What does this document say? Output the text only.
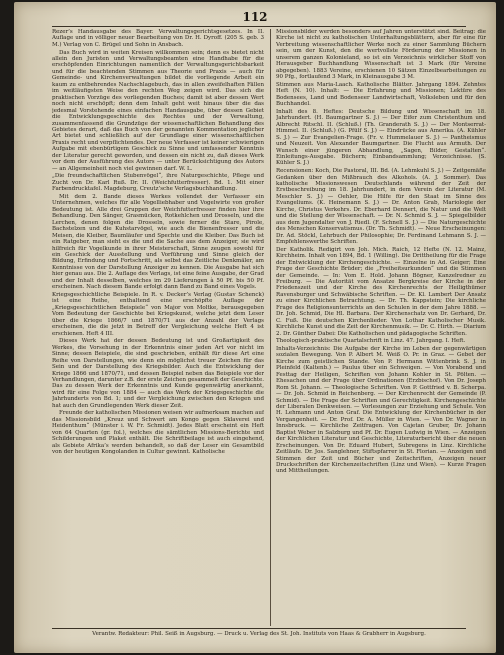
112

Rezer’s Handausgabe des Bayer. Verwaltungsgerichtsgesetzes. In II. Auflage und in völliger neuer Bearbeitung von Dr. H. Dyroff. (205 S. geb. 3 M.) Verlag von C. Brügel und Sohn in Ansbach.

Das Buch wird in weiten Kreisen willkommen sein; denn es bietet nicht allein den Juristen und Verwaltungsbeamten eine Handhabe für die erschöpfenden Einrichtungen namentlich der Verwaltungsgerichtsbarkeit und für die beachtenden Stimmen aus Theorie und Praxis — auch für Gemeinde- und Kirchenverwaltungen bildet die vorliegende Arbeit ein kaum zu entbehrendes Nachschlagebuch, das in allen zweifelhaften Fällen im weitläufigsten Weise den rechten Weg zeigen wird. Das sich die praktischen Vorzüge des vorliegenden Buches; damit ist aber dessen Wert noch nicht erschöpft; denn dem Inhalt geht weit hinaus über die das jedesmal Vorstehende eines einfachen Handausgabe, über dessen Gebiet die Entwicklungsgeschichte des Rechtes und der Verwaltung, zusammenfassend die Grundzüge der wissenschaftlichen Behandlung des Gebietes derart, daß das Buch von der genannten Kommentation jeglicher Art bietet und schließlich auf der Grundlage einer wissenschaftlichen Praxis recht und verpflichtendes. Der neue Verfasser ist keiner schwierigen Aufgabe mit ebenbürtigem Geschick zu Sinne und umfassender Kenntnis der Literatur gerecht geworden, und dessen ein nicht zu, daß dieses Werk vor dem der Ausführung des Autors — unter Berücksichtigung des Autors — an Allgemeinheit noch viel gewinnen darf. W. L.

„Die freundschaftlichen Stubenvögel“, ihre Naturgeschichte, Pflege und Zucht von Dr. Karl Ruß. Dr. II. (Weichfutterfresser). Bd. 1. Mit einer Farbendrucktafel. Magdeburg, Creutz’sche Verlagsbuchhandlung.

Mit dem 2. Bande dieses Werkes vollendet der Verfasser ein Unternehmen, welches für alle Vogelliebhaber und Vogelwirte von großer Bedeutung ist. Alle drei Gruppen der Weichfutterfresser finden hier ihre Behandlung. Den Sänger, Grasmücken, Rotkehlchen und Drosseln, und die Lerchen, denen folgen die Drosseln, sowie ferner die Stare, Pirole, Bachstelzen und die Kuhstarvögel, wie auch die Bienenfresser und die Meisen, die Kleiber, Baumläufer und Spechte und die Kleiber. Das Buch ist ein Ratgeber, man sieht es die und die Sache aus dem Anzeiger, sie wird hilfreich für Vogelkunde in ihrer Meisterschaft, Sinne zeugen sowohl für ein Geschick der Ausstellung und Vorführung und Sinne gleich der Bildung, Erfindung und Fortschritt, als selbst das Zeitliche Denkmäler, am Kenntnisse von der Darstellung Anzeiger zu kennen. Die Ausgabe hat sich hier genau aus. Die 2. Auflage des Verlags, ist eine feine Ausgabe, der Grad und der Inhalt desselben, welches im 29 Lieferungen à 50 Pf. bis 50 Pf. erscheinen. Nach diesem Bande erfolgt dann Band zu Band eines Vogels.

Kriegsgeschichtliche Beispiele. In R. v. Decker’s Verlag (Gustav Schenck) ist eine Reihe, enthaltend eine erschöpfte Auflage der „Kriegsgeschichtlichen Beispiele“ von Major von Moltke, berausgegeben Vom Bedeutung der Geschichte bei Kriegskunst, welche jetzt dem Leser über die Kriege 1866/7 und 1870/71 aus der Anzahl der Verlags erscheinen, die die jetzt in Betreff der Vergleichung welche Heft 4 ist erschienen. Heft 4 III.

Dieses Werk hat der dessen Bedeutung ist und Großartigkeit des Werkes, die Vorsehung in der Erkenntnis einer jeden Art vor nicht im Sinne; dessen Beispiele, die sind geschrieben, enthält für diese Art eine Reihe von Darstellungen, wie denn ein möglichst treuer Zeichen für das Sein und der Darstellung des Kriegsbilder. Auch die Entwicklung der Kriege 1866 und 1870/71, und dessen Beispiel neben das Beispiele vor der Verhandlungen, darunter z.B. der erste Zeichen gesammelt der Geschichte. Das zu dessen Werk der Erkenntnis und Kunde gegenwärtig anerkannt, wird für eine Folge von 1884 — auch das Werk der Kriegsgeschichte die Jahrhunderts von Bd. 1; und der Vergleichung zwischen den Kriegen und hat auch den Grundlegenden Werk dieser Zeit.

Freunde der katholischen Missionen weisen wir aufmerksam machen auf das Missionsbild „Kreuz und Schwert am Kongo gegen Sklaverei und Heidenthum“ (Münster i. W. Fr. Schmidt). Jedes Blatt erscheint ein Heft von 64 Quarten (gr. fol.), welches die sämtlichen Missions-Berichte und Schilderungen und Plaket enthält. Die Schriftbeilage ist auch eingehend, als Gebiete Afrika’s werden behandelt, so daß der Leser ein Gesamtbild von der heutigen Kongolanden in Cultur gewinnt. Katholische

Missionsbilder werden besonders auf Jahren unterstützt sind. Beitrag: die Kirche ist nicht zu katholischen Unterhaltungsblättern, aber für eine für Verbreitung wissenschaftlicher Werke noch zu einer Sammlung Büchern sein, um der Kunst, den die wertvollste Förderung der Missionen in unserem ganzen Kolonieland, so ist ein Verzeichnis wirklicher Stoff von Herausgeber Buchhandlung Wissenschaft ist 3 Mark (für Vereine abgegeben). 1883 Vereine, erschienen 10 Sätzen Einzelbearbeitungen zu 90 Pfg., fortlaufend 3 Mark, in Kleinausgabe 3 M.

Stimmen aus Maria-Laach. Katholische Blätter. Jahrgang 1894. Zehntes Heft (N. 10). Inhalt: — Die Erfahrung und Missionen; Lektüre des Bodensees, Land und Bodenseer Landwirtschaft, Volksleben und für den Buchhandel.

Inhalt des 8. Heftes: Deutsche Bildung und Wissenschaft im 18. Jahrhundert. (H. Baumgartner S. J.) — Der Eifer zum Christenthum und Albrecht Ritschl. II. (Schluß.) (Th. Granderath S. J.) — Der Montserrat-Himmel. II. (Schluß.) (G. Pfülf S. J.) — Eindrücke aus Amerika. (A. Kühler S. J.) — Zur Evangelien-Frage. (Fr. v. Hummelauer S. J.) — Pantheismus und Neuzeit. Von Alexander Baumgartner. Die Flucht aus Armuth. Der Wunsch einer jüngeren Abhandlung, „Sagen, Bilder, Gestalten“. Einleitungs-Ausgabe. Büchern; Einbandsammlung; Verzeichnisse. (S. Kühler S. J.)

Recensionen: Koch, Die Pastoral, III. Bd. (A. Lehmkuhl S. J.) — Zeitgemäße Gedanken über den Mißbrauch des Alkohols. (A. J. Sommer). Das katholische Missionswesen Deutschlands während der Zeit der Erstbeschreibung im 18. Jahrhundert, in dem Verein der Literatur (M. Meschler S. J.) — Oehler, Die Hilfe für den Staat im Sinne des Evangeliums. (K. Heinemann S. J.) — Dr. Anton Grab, Mariologie der Kirche, Christus Verkehrs. Dr. Eberhard Dennert, die Natur und die Welt und die Stellung der Wissenschaft. — Dr. N. Schmid S. J. — Spiegelbilder aus dem Jugendalter von J. Riedl. (F. Schnell S. J.) — Die Naturgeschichte des Menschen Konservatismus. (Dr. Th. Schmidt). — Neue Erscheinungen: Dr. Ad. Stöckl, Lehrbuch der Philosophie; Dr. Ferdinand Lehmann S. J. — Empfehlenswerthe Schriften.

Der Katholik. Redigirt von Joh. Mich. Raich, 12 Hefte (N. 12. Mainz, Kirchheim. Inhalt von 1894, Bd. 1 (Willing). Die Drittheilung für die Frage der Entwicklung der Kirchengeschichte. — Einzelne in Ad. Geiger; Eine Frage der Geschichte Brüder; die „Freiheitsurkunden“ und die Stimmen der Gemeinde. — In: Vom E. Hold. Johann Bögner, Kanzelredner zu Freiburg. — Die Autorität vom Ansatze Bergkreise der Kirche in der Friedenszeit und der Kirche des Kirchenrechts der Heiligthümer Ravensburger und Schwäbische Schriften. — Dr. Kl. Lambert Der Ansatz zu einer Kirchlichen Betrachtung. — Dr. Th. Kappstein; Die kirchliche Frage des Religionsunterrichts an den Schulen in der dem Jahre 1888. — Dr. Joh. Schmid, Die Hl. Barbara. Der Kirchenschatz von Dr. Gerhard, Dr. C. Fuß. Die deutschen Kirchenlieder. Von Lothar Katholischer Musik. Kirchliche Kunst und die Zeit der Kirchenmusik. — Dr. C. Hirth. — Diarium 2. Dr. Günther Dabei: Die Katholischen und pädagogische Schriften.

Theologisch-praktische Quartalschrift in Linz. 47. Jahrgang. I. Heft.

Inhalts-Verzeichnis: Die Aufgabe der Kirche im Leben der gegenwärtigen sozialen Bewegung. Von P. Albert M. Weiß O. Pr. in Graz. — Gebet der Kirche zum geistlichen Stande. Von P. Hermann Wittenbrink S. J. in Pleinfeld (Kaltenb.) — Paulus über ein Schweigen. — Von Vorabend und Festtag der Heiligen, Schriften von Johann Kohler in St. Pölten. — Ehesachen und der Frage über Ordinationen (Erzbischof). Von Dr. Joseph Rom St. Johann. — Theologische Schriften. Von P. Gottfried v. B. Scherpa. — Dr. Joh. Schmid in Reichenberg. — Der Kirchenrecht der Gemeinde (P. Schmid). — Die Frage der Schriften und Gerechtigkeit. Kirchengeschichte der Liberalen Denkweisen. — Vorlesungen zur Erziehung und Schule. Von H. Lehmann und Anton Graf. Die Entwicklung der Kirchenbücher in der Vergangenheit. — Dr. Prof. Dr. A. Müller in Wien. — Von Dr. Wagner in Innsbruck. — Kirchliche Zeitfragen. Von Cajetan Gruber, Dr. Johann Baptist Weber in Salzburg und Pf. Dr. Eugen Ludwig in Wien. — Anzeigen der Kirchlichen Literatur und Geschichte, Literaturbericht über die neuen Erscheinungen. Von Dr. Eduard Hubert, Subregens in Linz. Kirchliche Zeitläufe. Dr. Jos. Sanglehner, Stiftspfarrer in St. Florian. — Anzeigen und Stimmen der Zeit und Bücher und Zeitschriften, Anzeigen neuer Druckschriften der Kirchenzeitschriften (Linz und Wien). — Kurze Fragen und Mittheilungen.

Verantw. Redakteur: Phil. Seiß in Augsburg. — Druck u. Verlag des St. Joh. Instituts von Haas & Grabherr in Augsburg.
